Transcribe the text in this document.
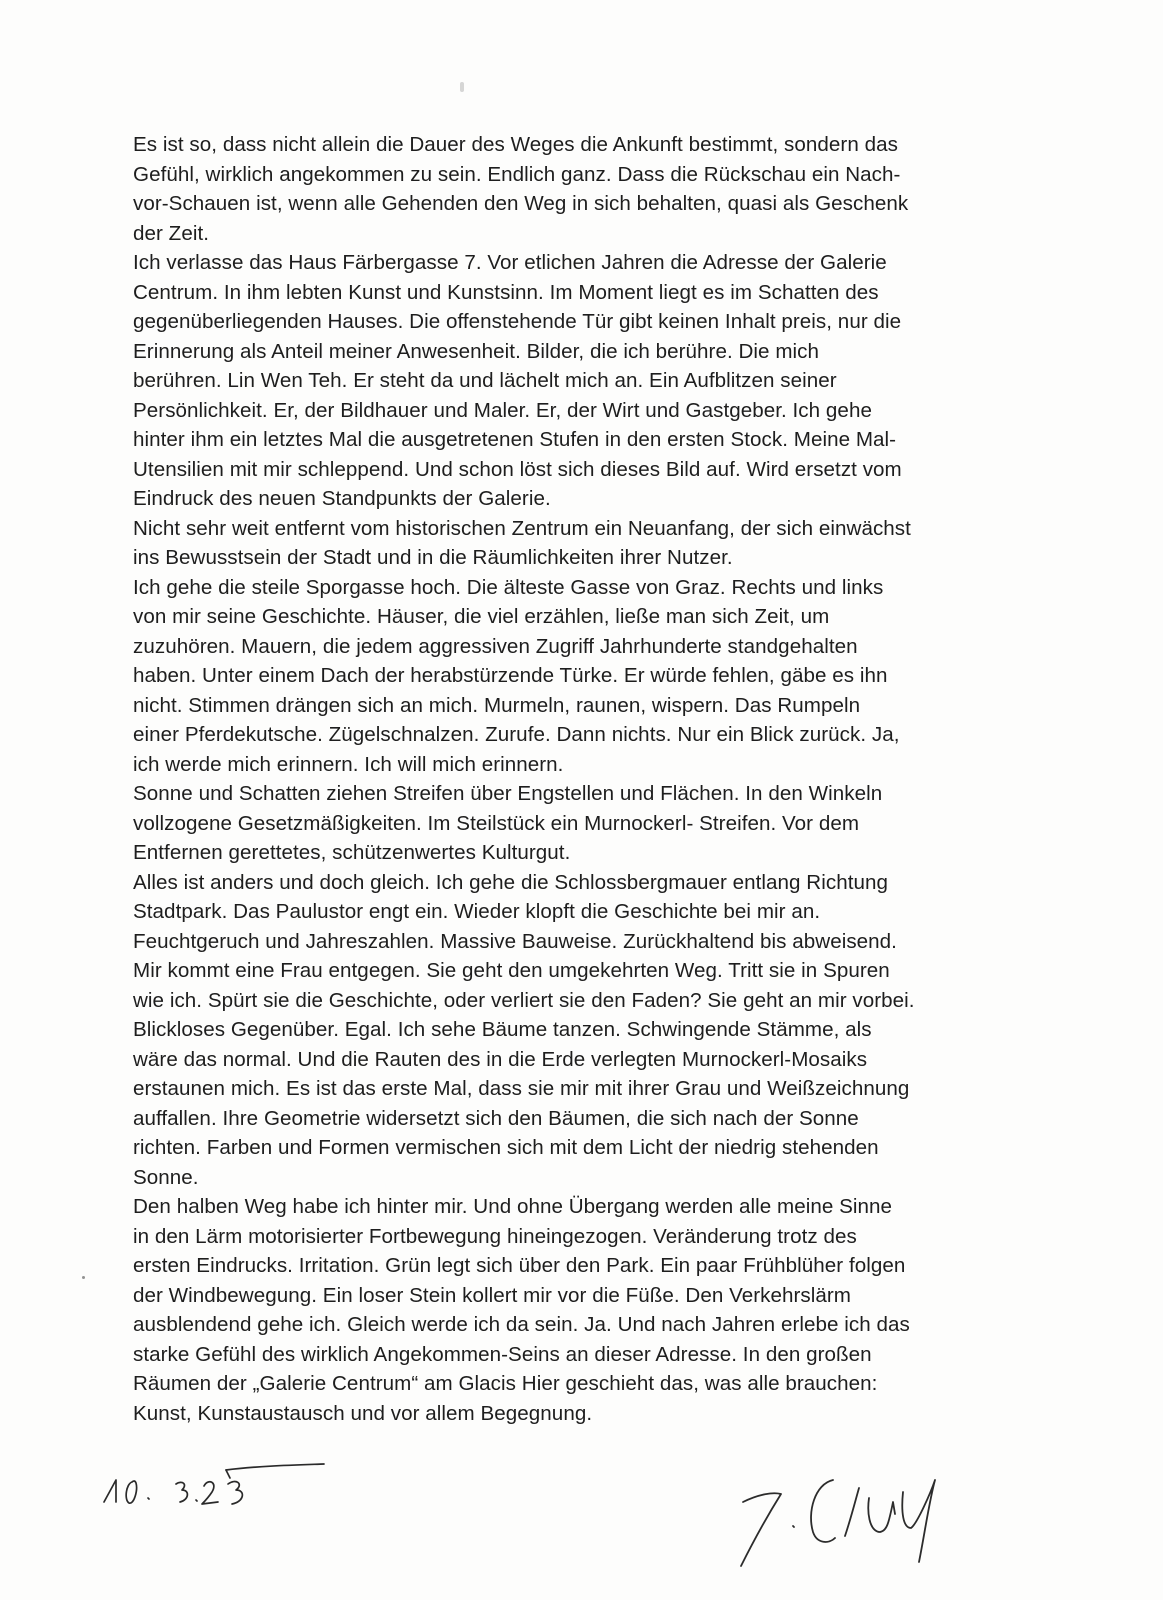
Es ist so, dass nicht allein die Dauer des Weges die Ankunft bestimmt, sondern das
Gefühl, wirklich angekommen zu sein. Endlich ganz. Dass die Rückschau ein Nach-
vor-Schauen ist, wenn alle Gehenden den Weg in sich behalten, quasi als Geschenk
der Zeit.
Ich verlasse das Haus Färbergasse 7. Vor etlichen Jahren die Adresse der Galerie
Centrum. In ihm lebten Kunst und Kunstsinn. Im Moment liegt es im Schatten des
gegenüberliegenden Hauses. Die offenstehende Tür gibt keinen Inhalt preis, nur die
Erinnerung als Anteil meiner Anwesenheit. Bilder, die ich berühre. Die mich
berühren. Lin Wen Teh. Er steht da und lächelt mich an. Ein Aufblitzen seiner
Persönlichkeit. Er, der Bildhauer und Maler. Er, der Wirt und Gastgeber. Ich gehe
hinter ihm ein letztes Mal die ausgetretenen Stufen in den ersten Stock. Meine Mal-
Utensilien mit mir schleppend. Und schon löst sich dieses Bild auf. Wird ersetzt vom
Eindruck des neuen Standpunkts der Galerie.
Nicht sehr weit entfernt vom historischen Zentrum ein Neuanfang, der sich einwächst
ins Bewusstsein der Stadt und in die Räumlichkeiten ihrer Nutzer.
Ich gehe die steile Sporgasse hoch. Die älteste Gasse von Graz. Rechts und links
von mir seine Geschichte. Häuser, die viel erzählen, ließe man sich Zeit, um
zuzuhören. Mauern, die jedem aggressiven Zugriff Jahrhunderte standgehalten
haben. Unter einem Dach der herabstürzende Türke. Er würde fehlen, gäbe es ihn
nicht. Stimmen drängen sich an mich. Murmeln, raunen, wispern. Das Rumpeln
einer Pferdekutsche. Zügelschnalzen. Zurufe. Dann nichts. Nur ein Blick zurück. Ja,
ich werde mich erinnern. Ich will mich erinnern.
Sonne und Schatten ziehen Streifen über Engstellen und Flächen. In den Winkeln
vollzogene Gesetzmäßigkeiten. Im Steilstück ein Murnockerl- Streifen. Vor dem
Entfernen gerettetes, schützenwertes Kulturgut.
Alles ist anders und doch gleich. Ich gehe die Schlossbergmauer entlang Richtung
Stadtpark. Das Paulustor engt ein. Wieder klopft die Geschichte bei mir an.
Feuchtgeruch und Jahreszahlen. Massive Bauweise. Zurückhaltend bis abweisend.
Mir kommt eine Frau entgegen. Sie geht den umgekehrten Weg. Tritt sie in Spuren
wie ich. Spürt sie die Geschichte, oder verliert sie den Faden? Sie geht an mir vorbei.
Blickloses Gegenüber. Egal. Ich sehe Bäume tanzen. Schwingende Stämme, als
wäre das normal. Und die Rauten des in die Erde verlegten Murnockerl-Mosaiks
erstaunen mich. Es ist das erste Mal, dass sie mir mit ihrer Grau und Weißzeichnung
auffallen. Ihre Geometrie widersetzt sich den Bäumen, die sich nach der Sonne
richten. Farben und Formen vermischen sich mit dem Licht der niedrig stehenden
Sonne.
Den halben Weg habe ich hinter mir. Und ohne Übergang werden alle meine Sinne
in den Lärm motorisierter Fortbewegung hineingezogen. Veränderung trotz des
ersten Eindrucks. Irritation. Grün legt sich über den Park. Ein paar Frühblüher folgen
der Windbewegung. Ein loser Stein kollert mir vor die Füße. Den Verkehrslärm
ausblendend gehe ich. Gleich werde ich da sein. Ja. Und nach Jahren erlebe ich das
starke Gefühl des wirklich Angekommen-Seins an dieser Adresse. In den großen
Räumen der „Galerie Centrum“ am Glacis Hier geschieht das, was alle brauchen:
Kunst, Kunstaustausch und vor allem Begegnung.
